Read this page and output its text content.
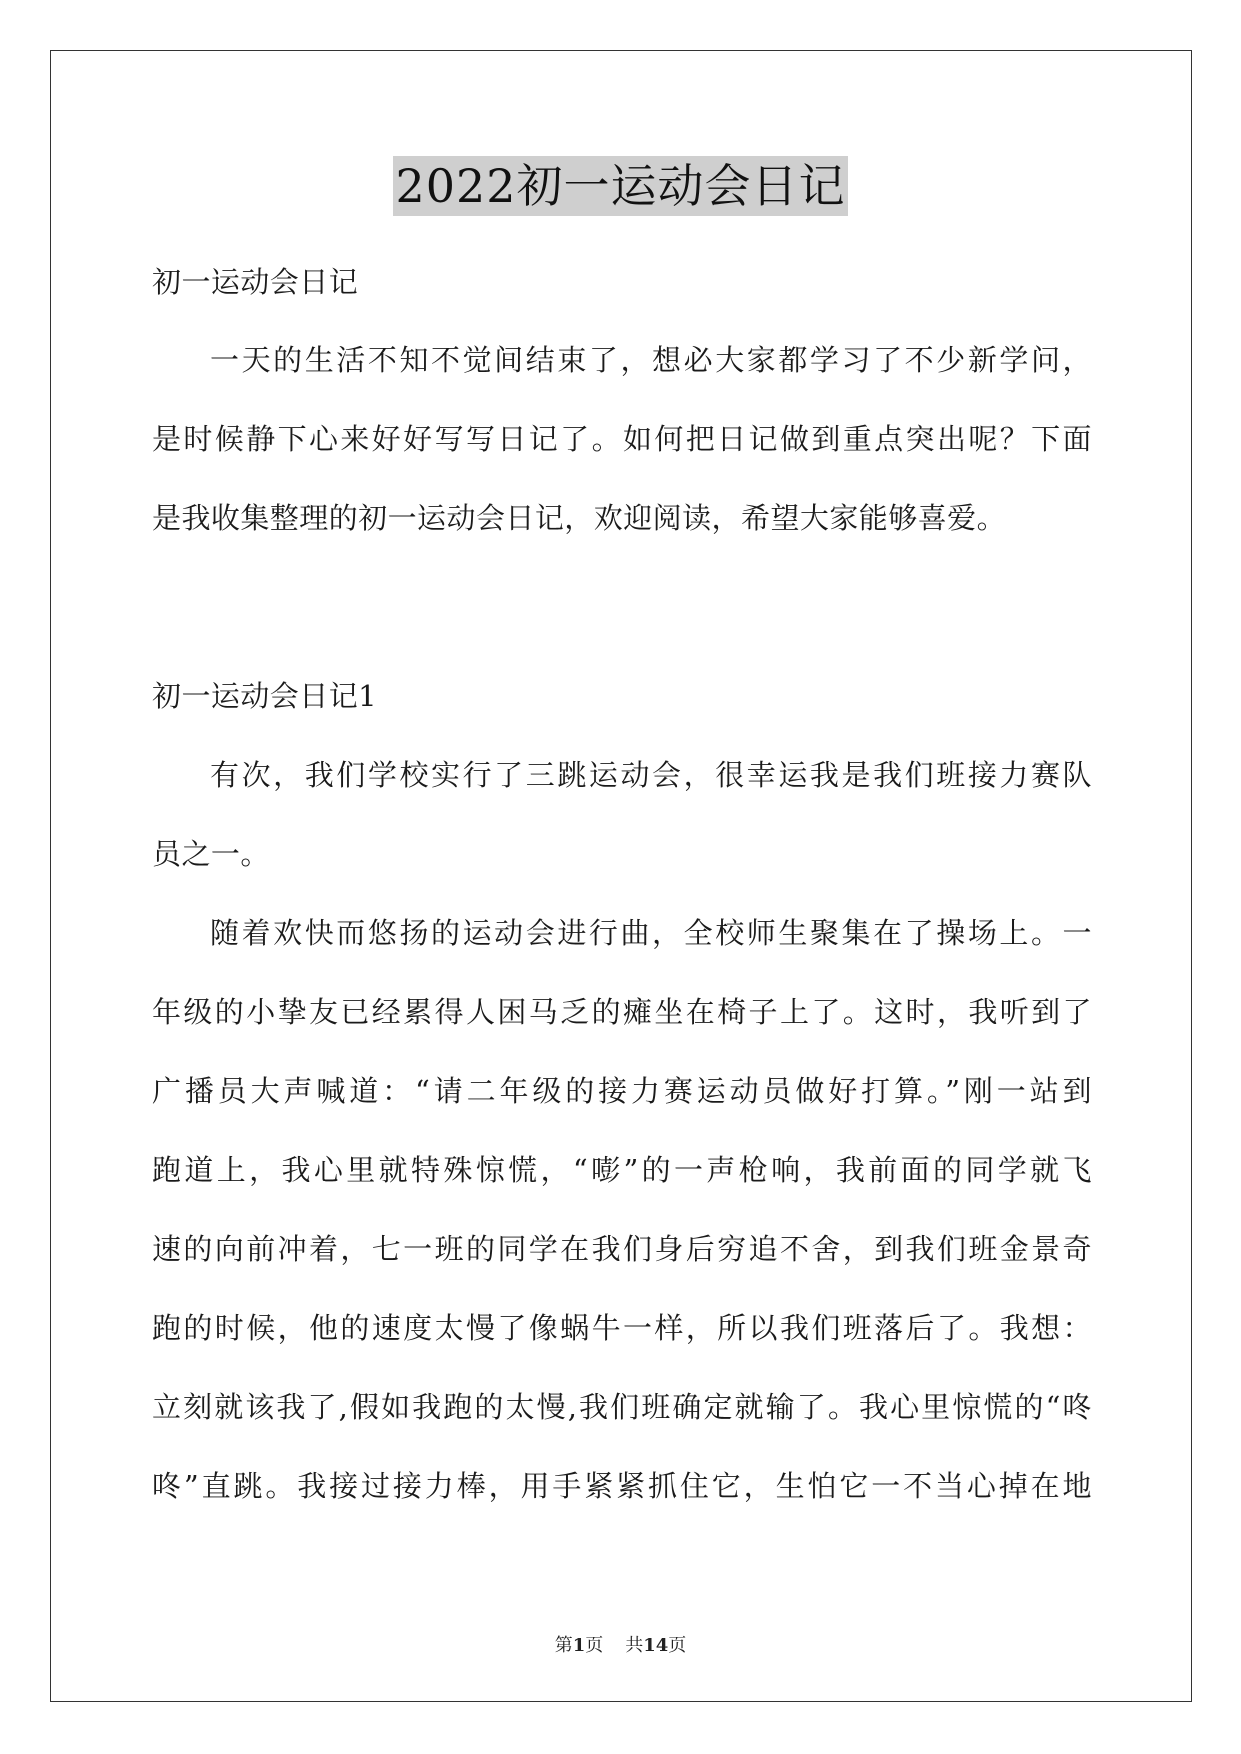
2022初一运动会日记
初一运动会日记
一天的生活不知不觉间结束了，想必大家都学习了不少新学问，
是时候静下心来好好写写日记了。如何把日记做到重点突出呢？下面
是我收集整理的初一运动会日记，欢迎阅读，希望大家能够喜爱。
初一运动会日记1
有次，我们学校实行了三跳运动会，很幸运我是我们班接力赛队
员之一。
随着欢快而悠扬的运动会进行曲，全校师生聚集在了操场上。一
年级的小挚友已经累得人困马乏的瘫坐在椅子上了。这时，我听到了
广播员大声喊道：“请二年级的接力赛运动员做好打算。”刚一站到
跑道上，我心里就特殊惊慌，“嘭”的一声枪响，我前面的同学就飞
速的向前冲着，七一班的同学在我们身后穷追不舍，到我们班金景奇
跑的时候，他的速度太慢了像蜗牛一样，所以我们班落后了。我想：
立刻就该我了,假如我跑的太慢,我们班确定就输了。我心里惊慌的“咚
咚”直跳。我接过接力棒，用手紧紧抓住它，生怕它一不当心掉在地
第1页 共14页
